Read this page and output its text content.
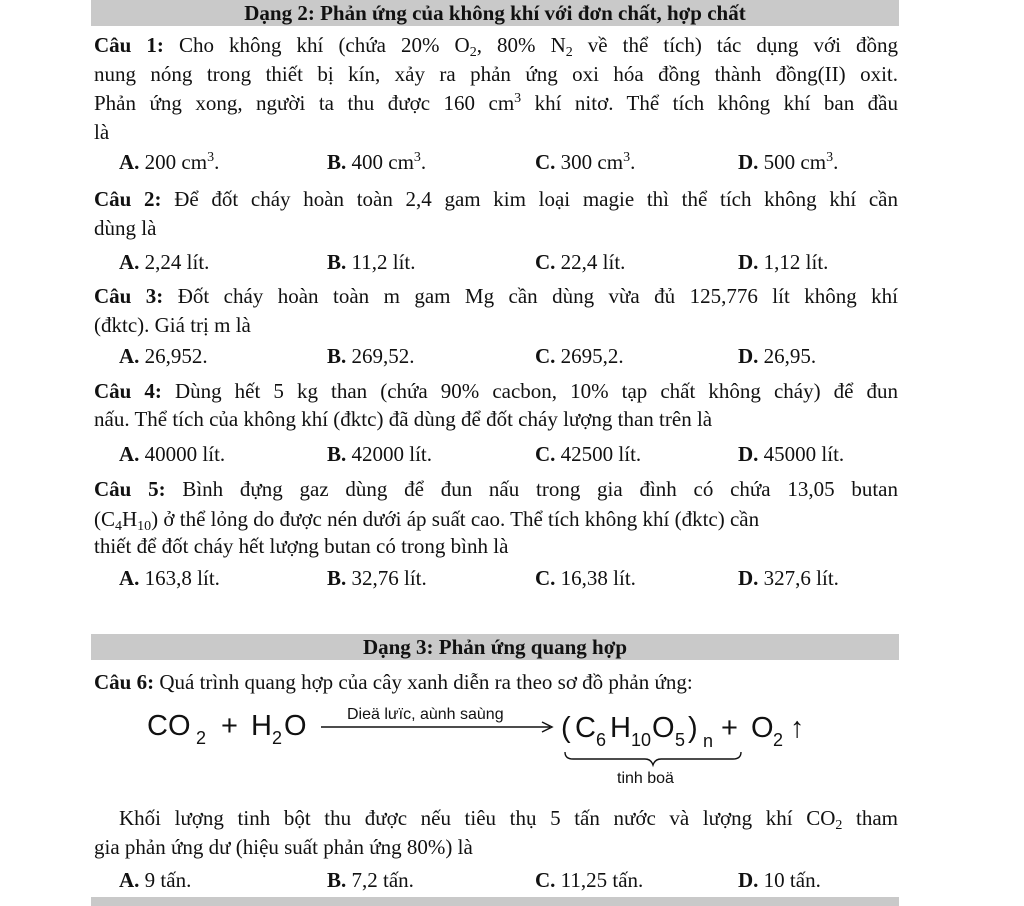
Dạng 2: Phản ứng của không khí với đơn chất, hợp chất
Câu 1: Cho không khí (chứa 20% $O_2$, 80% $N_2$ về thể tích) tác dụng với đồng
nung nóng trong thiết bị kín, xảy ra phản ứng oxi hóa đồng thành đồng(II) oxit.
Phản ứng xong, người ta thu được 160 $cm^3$ khí nitơ. Thể tích không khí ban đầu
là
A. 200 $cm^3$.	B. 400 $cm^3$.	C. 300 $cm^3$.	D. 500 $cm^3$.
Câu 2: Để đốt cháy hoàn toàn 2,4 gam kim loại magie thì thể tích không khí cần
dùng là
A. 2,24 lít.	B. 11,2 lít.	C. 22,4 lít.	D. 1,12 lít.
Câu 3: Đốt cháy hoàn toàn m gam Mg cần dùng vừa đủ 125,776 lít không khí
(đktc). Giá trị m là
A. 26,952.	B. 269,52.	C. 2695,2.	D. 26,95.
Câu 4: Dùng hết 5 kg than (chứa 90% cacbon, 10% tạp chất không cháy) để đun
nấu. Thể tích của không khí (đktc) đã dùng để đốt cháy lượng than trên là
A. 40000 lít.	B. 42000 lít.	C. 42500 lít.	D. 45000 lít.
Câu 5: Bình đựng gaz dùng để đun nấu trong gia đình có chứa 13,05 butan
$(C_4H_{10})$ ở thể lỏng do được nén dưới áp suất cao. Thể tích không khí (đktc) cần
thiết để đốt cháy hết lượng butan có trong bình là
A. 163,8 lít.	B. 32,76 lít.	C. 16,38 lít.	D. 327,6 lít.
Dạng 3: Phản ứng quang hợp
Câu 6: Quá trình quang hợp của cây xanh diễn ra theo sơ đồ phản ứng:
CO 2 + H 2 O	Dieä lưïc, aùnh saùng ( C 6 H 10 O 5 ) n + O 2 ↑
tinh boä
Khối lượng tinh bột thu được nếu tiêu thụ 5 tấn nước và lượng khí $CO_2$ tham
gia phản ứng dư (hiệu suất phản ứng 80%) là
A. 9 tấn.	B. 7,2 tấn.	C. 11,25 tấn.	D. 10 tấn.
